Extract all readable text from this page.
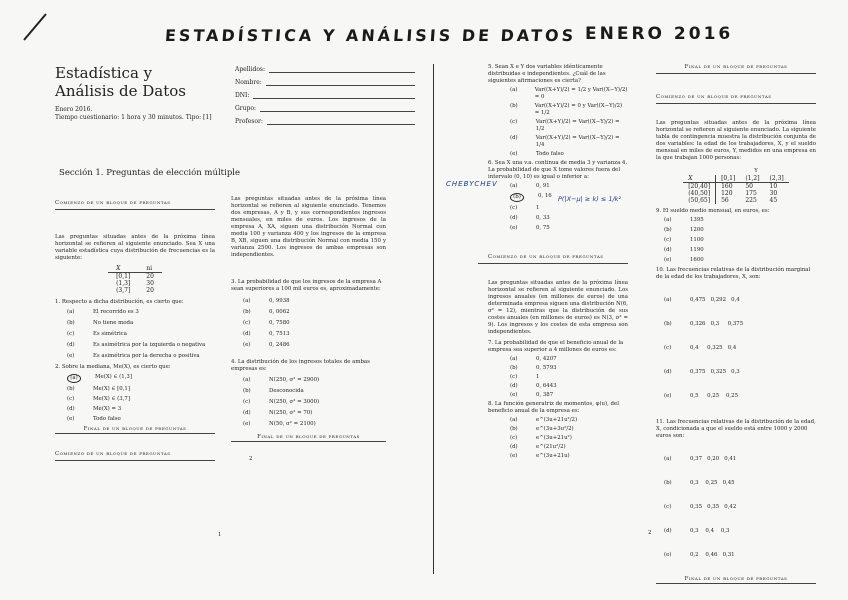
ESTADÍSTICA Y ANÁLISIS DE DATOS ENERO 2016
Estadística y
Análisis de Datos
Enero 2016.
Tiempo cuestionario: 1 hora y 30 minutos. Tipo: [1]
Apellidos:
Nombre:
DNI:
Grupo:
Profesor:
Sección 1. Preguntas de elección múltiple
Comienzo de un bloque de preguntas
Las preguntas situadas antes de la próxima línea horizontal se refieren al siguiente enunciado. Sea X una variable estadística cuya distribución de frecuencias es la siguiente:
X	ni
[0,1]	20
(1,3]	30
(3,7]	20
1. Respecto a dicha distribución, es cierto que:
(a)	El recorrido es 3
(b)	No tiene moda
(c)	Es simétrica
(d)	Es asimétrica por la izquierda o negativa
(e)	Es asimétrica por la derecha o positiva
2. Sobre la mediana, Me(X), es cierto que:
(a)	Me(X) ∈ (1,3]
(b)	Me(X) ∈ [0,1]
(c)	Me(X) ∈ (3,7]
(d)	Me(X) = 3
(e)	Todo falso
Final de un bloque de preguntas
Comienzo de un bloque de preguntas
1
Las preguntas situadas antes de la próxima línea horizontal se refieren al siguiente enunciado. Tenemos dos empresas, A y B, y sus correspondientes ingresos mensuales, en miles de euros. Los ingresos de la empresa A, XA, siguen una distribución Normal con media 100 y varianza 400 y los ingresos de la empresa B, XB, siguen una distribución Normal con media 150 y varianza 2500. Los ingresos de ambas empresas son independientes.
3. La probabilidad de que los ingresos de la empresa A sean superiores a 100 mil euros es, aproximadamente:
(a)	0, 9938
(b)	0, 0062
(c)	0, 7580
(d)	0, 7513
(e)	0, 2486
4. La distribución de los ingresos totales de ambas empresas es:
(a)	N(250, σ² = 2900)
(b)	Desconocida
(c)	N(250, σ² = 3000)
(d)	N(250, σ² = 70)
(e)	N(50, σ² = 2100)
Final de un bloque de preguntas
2
5. Sean X e Y dos variables idénticamente distribuidas e independientes. ¿Cuál de las siguientes afirmaciones es cierta?
(a)	Var((X+Y)/2) = 1/2 y Var((X−Y)/2) = 0
(b)	Var((X+Y)/2) = 0 y Var((X−Y)/2) = 1/2
(c)	Var((X+Y)/2) = Var((X−Y)/2) = 1/2
(d)	Var((X+Y)/2) = Var((X−Y)/2) = 1/4
(e)	Todo falso
6. Sea X una v.a. continua de media 3 y varianza 4. La probabilidad de que X tome valores fuera del intervalo (0, 10) es igual o inferior a:
(a)	0, 91
(b)	0, 16
(c)	1
(d)	0, 33
(e)	0, 75
Comienzo de un bloque de preguntas
Las preguntas situadas antes de la próxima línea horizontal se refieren al siguiente enunciado. Los ingresos anuales (en millones de euros) de una determinada empresa siguen una distribución N(6, σ² = 12), mientras que la distribución de sus costes anuales (en millones de euros) es N(3, σ² = 9). Los ingresos y los costes de esta empresa son independientes.
7. La probabilidad de que el beneficio anual de la empresa sea superior a 4 millones de euros es:
(a)	0, 4207
(b)	0, 5793
(c)	1
(d)	0, 6443
(e)	0, 387
8. La función generatriz de momentos, φ(u), del beneficio anual de la empresa es:
(a)	e^(3u+21u²/2)
(b)	e^(3u+3u²/2)
(c)	e^(3u+21u²)
(d)	e^(21u²/2)
(e)	e^(3u+21u)
CHEBYCHEV
P(|X−μ| ≥ k) ≤ 1/k²
Final de un bloque de preguntas
Comienzo de un bloque de preguntas
Las preguntas situadas antes de la próxima línea horizontal se refieren al siguiente enunciado. La siguiente tabla de contingencia muestra la distribución conjunta de dos variables: la edad de los trabajadores, X, y el sueldo mensual en miles de euros, Y, medidos en una empresa en la que trabajan 1000 personas:
Y
X	[0,1]	(1,2]	(2,3]
[20,40]	160	50	10
(40,50]	120	175	30
(50,65]	56	225	45
9. El sueldo medio mensual, en euros, es:
(a)	1395
(b)	1200
(c)	1100
(d)	1190
(e)	1600
10. Las frecuencias relativas de la distribución marginal de la edad de los trabajadores, X, son:

(a)	0,475   0,292   0,4

(b)	0,326   0,3     0,375

(c)	0,4     0,325   0,4

(d)	0,375   0,325   0,3

(e)	0,5     0,25    0,25

11. Las frecuencias relativas de la distribución de la edad, X, condicionada a que el sueldo está entre 1000 y 2000 euros son:

(a)	0,37   0,20   0,41

(b)	0,3    0,25   0,45

(c)	0,35   0,35   0,42

(d)	0,3    0,4    0,3

(e)	0,2    0,46   0,31

Final de un bloque de preguntas
2
